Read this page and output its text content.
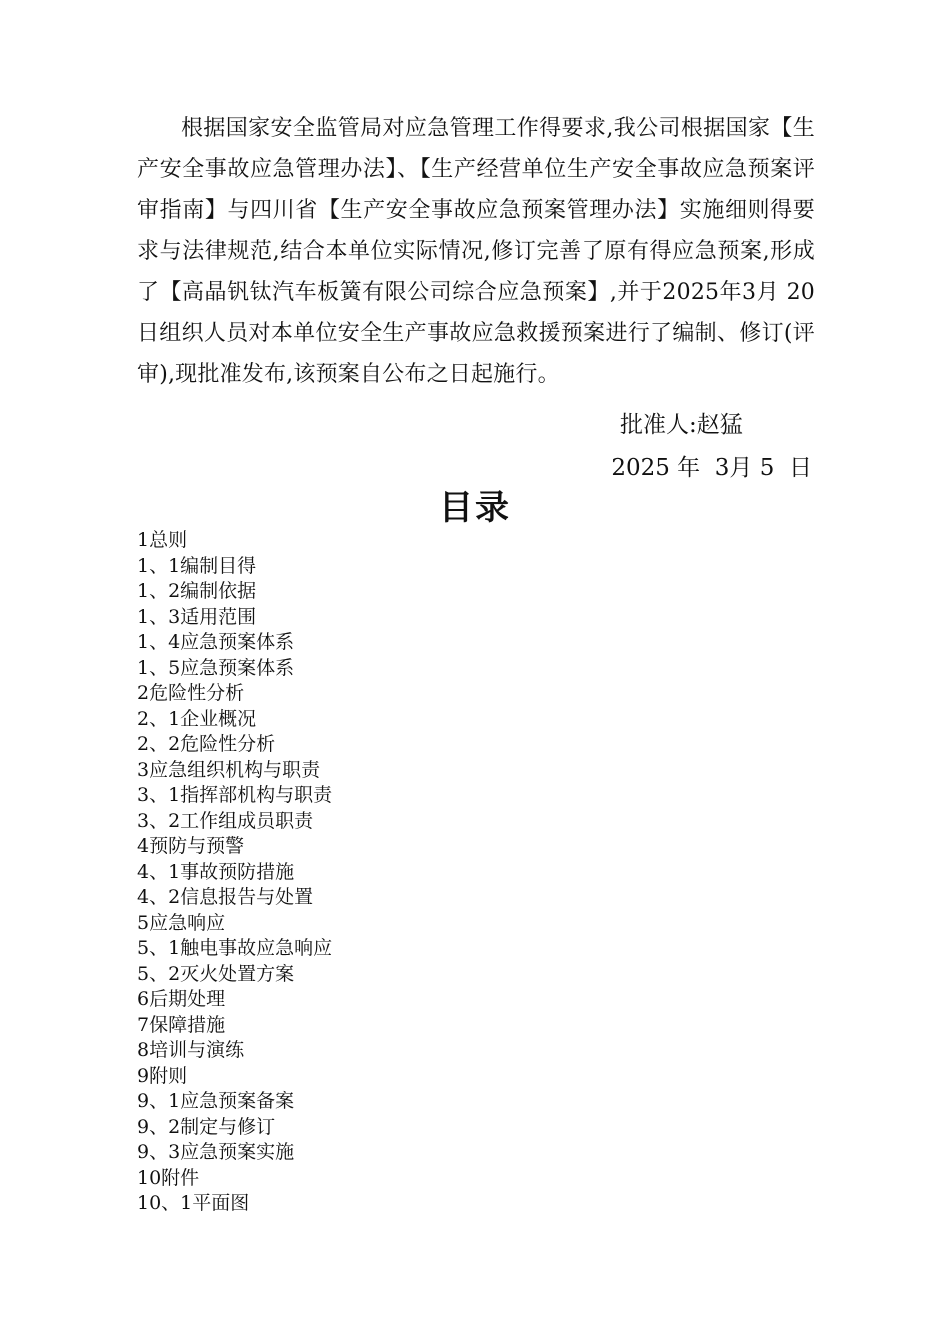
根据国家安全监管局对应急管理工作得要求,我公司根据国家【生产安全事故应急管理办法】、【生产经营单位生产安全事故应急预案评审指南】与四川省【生产安全事故应急预案管理办法】实施细则得要求与法律规范,结合本单位实际情况,修订完善了原有得应急预案,形成了【高晶钒钛汽车板簧有限公司综合应急预案】,并于2025年3月 20日组织人员对本单位安全生产事故应急救援预案进行了编制、修订(评审),现批准发布,该预案自公布之日起施行。

批准人:赵猛
2025 年  3月 5  日
目录
1总则
1、1编制目得
1、2编制依据
1、3适用范围
1、4应急预案体系
1、5应急预案体系
2危险性分析
2、1企业概况
2、2危险性分析
3应急组织机构与职责
3、1指挥部机构与职责
3、2工作组成员职责
4预防与预警
4、1事故预防措施
4、2信息报告与处置
5应急响应
5、1触电事故应急响应
5、2灭火处置方案
6后期处理
7保障措施
8培训与演练
9附则
9、1应急预案备案
9、2制定与修订
9、3应急预案实施
10附件
10、1平面图
